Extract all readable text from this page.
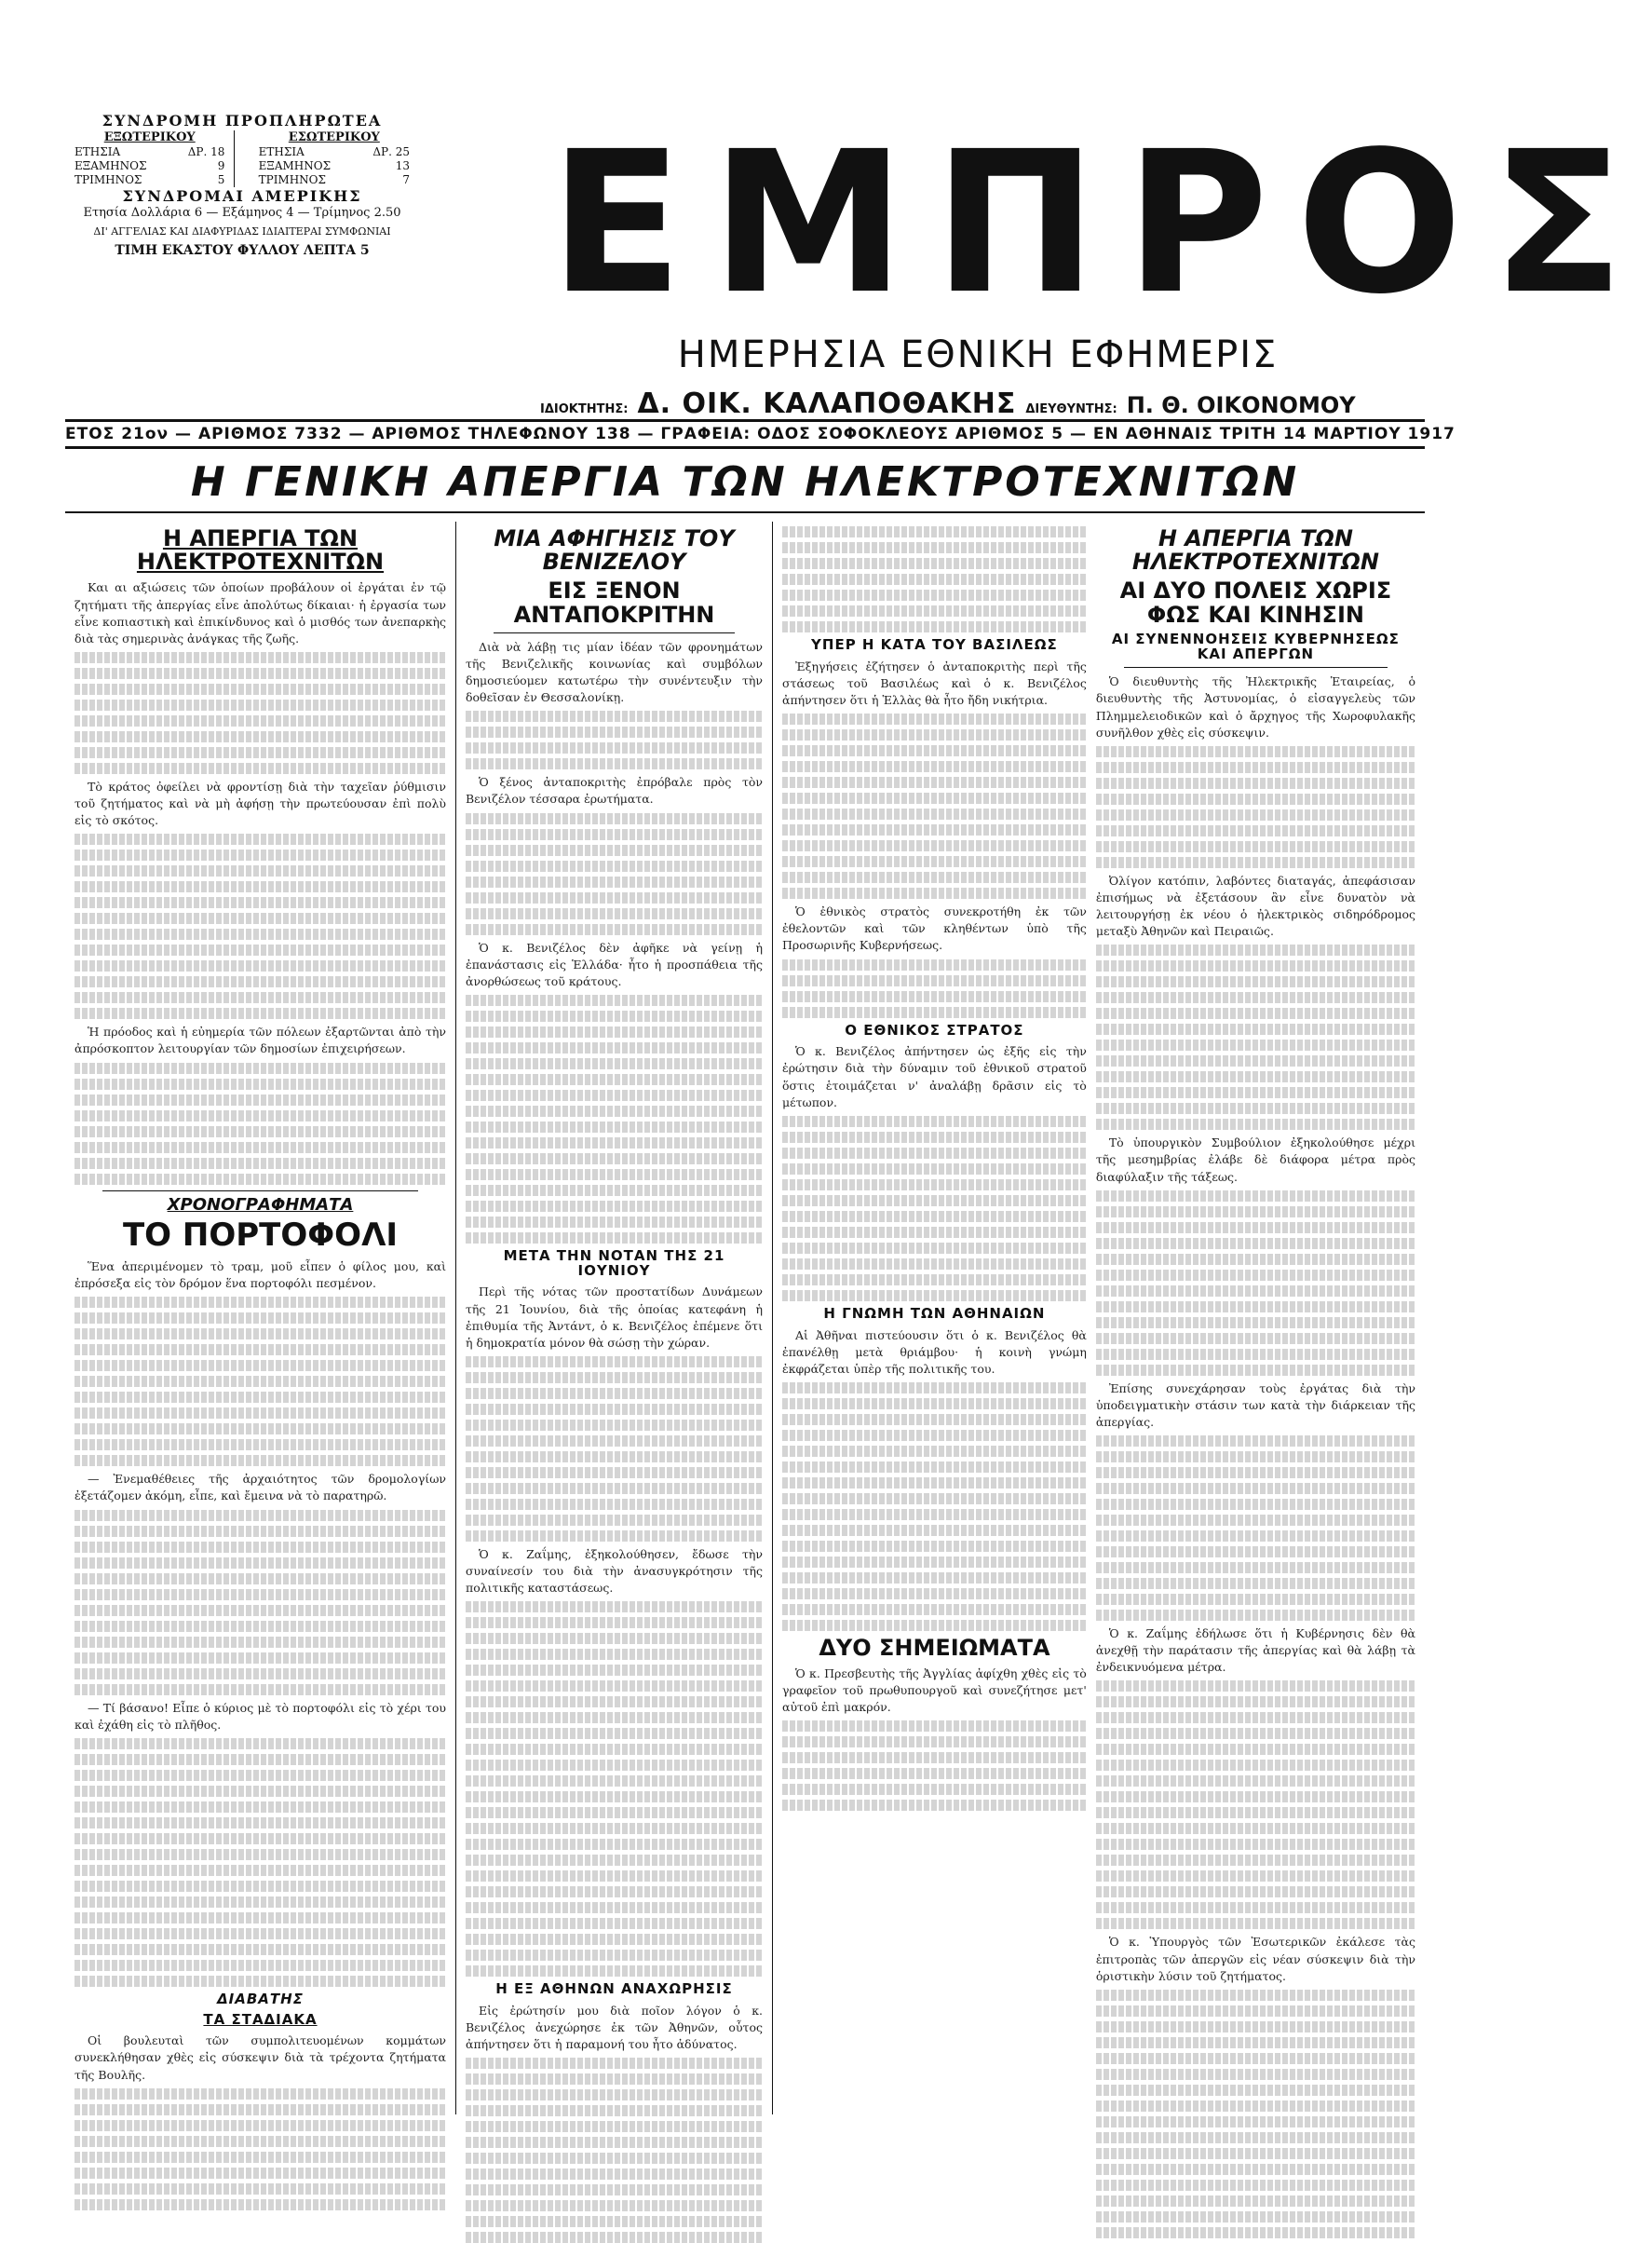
ΣΥΝΔΡΟΜΗ ΠΡΟΠΛΗΡΩΤΕΑ
ΕΞΩΤΕΡΙΚΟΥ
ΕΤΗΣΙΑ	ΔΡ. 18
ΕΞΑΜΗΝΟΣ	9
ΤΡΙΜΗΝΟΣ	5
ΕΣΩΤΕΡΙΚΟΥ
ΕΤΗΣΙΑ	ΔΡ. 25
ΕΞΑΜΗΝΟΣ	13
ΤΡΙΜΗΝΟΣ	7
ΣΥΝΔΡΟΜΑΙ ΑΜΕΡΙΚΗΣ
Ετησία Δολλάρια 6 — Εξάμηνος 4 — Τρίμηνος 2.50
ΔΙ' ΑΓΓΕΛΙΑΣ ΚΑΙ ΔΙΑΦΥΡΙΔΑΣ ΙΔΙΑΙΤΕΡΑΙ ΣΥΜΦΩΝΙΑΙ
ΤΙΜΗ ΕΚΑΣΤΟΥ ΦΥΛΛΟΥ ΛΕΠΤΑ 5 ΕΜΠΡΟΣ
ΗΜΕΡΗΣΙΑ ΕΘΝΙΚΗ ΕΦΗΜΕΡΙΣ
ΙΔΙΟΚΤΗΤΗΣ: Δ. ΟΙΚ. ΚΑΛΑΠΟΘΑΚΗΣ ΔΙΕΥΘΥΝΤΗΣ: Π. Θ. ΟΙΚΟΝΟΜΟΥ
ΕΤΟΣ 21ον — ΑΡΙΘΜΟΣ 7332 — ΑΡΙΘΜΟΣ ΤΗΛΕΦΩΝΟΥ 138 — ΓΡΑΦΕΙΑ: ΟΔΟΣ ΣΟΦΟΚΛΕΟΥΣ ΑΡΙΘΜΟΣ 5 — ΕΝ ΑΘΗΝΑΙΣ ΤΡΙΤΗ 14 ΜΑΡΤΙΟΥ 1917
Η ΓΕΝΙΚΗ ΑΠΕΡΓΙΑ ΤΩΝ ΗΛΕΚΤΡΟΤΕΧΝΙΤΩΝ
Η ΑΠΕΡΓΙΑ ΤΩΝ ΗΛΕΚΤΡΟΤΕΧΝΙΤΩΝ

Και αι αξιώσεις τῶν ὁποίων προβάλουν οἱ ἐργάται ἐν τῷ ζητήματι τῆς ἀπεργίας εἶνε ἀπολύτως δίκαιαι· ἡ ἐργασία των εἶνε κοπιαστικὴ καὶ ἐπικίνδυνος καὶ ὁ μισθός των ἀνεπαρκὴς διὰ τὰς σημερινὰς ἀνάγκας τῆς ζωῆς.

Τὸ κράτος ὀφείλει νὰ φροντίσῃ διὰ τὴν ταχεῖαν ῥύθμισιν τοῦ ζητήματος καὶ νὰ μὴ ἀφήσῃ τὴν πρωτεύουσαν ἐπὶ πολὺ εἰς τὸ σκότος.

Ἡ πρόοδος καὶ ἡ εὐημερία τῶν πόλεων ἐξαρτῶνται ἀπὸ τὴν ἀπρόσκοπτον λειτουργίαν τῶν δημοσίων ἐπιχειρήσεων.

ΧΡΟΝΟΓΡΑΦΗΜΑΤΑ
ΤΟ ΠΟΡΤΟΦΟΛΙ

Ἕνα ἀπεριμένομεν τὸ τραμ, μοῦ εἶπεν ὁ φίλος μου, καὶ ἐπρόσεξα εἰς τὸν δρόμον ἕνα πορτοφόλι πεσμένον.

— Ἐνεμαθέθειες τῆς ἀρχαιότητος τῶν δρομολογίων ἐξετάζομεν ἀκόμη, εἶπε, καὶ ἔμεινα νὰ τὸ παρατηρῶ.

— Τί βάσανο! Εἶπε ὁ κύριος μὲ τὸ πορτοφόλι εἰς τὸ χέρι του καὶ ἐχάθη εἰς τὸ πλῆθος.

ΔΙΑΒΑΤΗΣ
ΤΑ ΣΤΑΔΙΑΚΑ

Οἱ βουλευταὶ τῶν συμπολιτευομένων κομμάτων συνεκλήθησαν χθὲς εἰς σύσκεψιν διὰ τὰ τρέχοντα ζητήματα τῆς Βουλῆς.

ΜΙΑ ΑΦΗΓΗΣΙΣ ΤΟΥ ΒΕΝΙΖΕΛΟΥ
ΕΙΣ ΞΕΝΟΝ ΑΝΤΑΠΟΚΡΙΤΗΝ

Διὰ νὰ λάβῃ τις μίαν ἰδέαν τῶν φρονημάτων τῆς Βενιζελικῆς κοινωνίας καὶ συμβόλων δημοσιεύομεν κατωτέρω τὴν συνέντευξιν τὴν δοθεῖσαν ἐν Θεσσαλονίκῃ.

Ὁ ξένος ἀνταποκριτὴς ἐπρόβαλε πρὸς τὸν Βενιζέλον τέσσαρα ἐρωτήματα.

Ὁ κ. Βενιζέλος δὲν ἀφῆκε νὰ γείνῃ ἡ ἐπανάστασις εἰς Ἑλλάδα· ἦτο ἡ προσπάθεια τῆς ἀνορθώσεως τοῦ κράτους.

ΜΕΤΑ ΤΗΝ ΝΟΤΑΝ ΤΗΣ 21 ΙΟΥΝΙΟΥ

Περὶ τῆς νότας τῶν προστατίδων Δυνάμεων τῆς 21 Ἰουνίου, διὰ τῆς ὁποίας κατεφάνη ἡ ἐπιθυμία τῆς Ἀντάντ, ὁ κ. Βενιζέλος ἐπέμενε ὅτι ἡ δημοκρατία μόνον θὰ σώσῃ τὴν χώραν.

Ὁ κ. Ζαΐμης, ἐξηκολούθησεν, ἔδωσε τὴν συναίνεσίν του διὰ τὴν ἀνασυγκρότησιν τῆς πολιτικῆς καταστάσεως.

Η ΕΞ ΑΘΗΝΩΝ ΑΝΑΧΩΡΗΣΙΣ

Εἰς ἐρώτησίν μου διὰ ποῖον λόγον ὁ κ. Βενιζέλος ἀνεχώρησε ἐκ τῶν Ἀθηνῶν, οὗτος ἀπήντησεν ὅτι ἡ παραμονή του ἦτο ἀδύνατος.

ΥΠΕΡ Η ΚΑΤΑ ΤΟΥ ΒΑΣΙΛΕΩΣ

Ἐξηγήσεις ἐζήτησεν ὁ ἀνταποκριτὴς περὶ τῆς στάσεως τοῦ Βασιλέως καὶ ὁ κ. Βενιζέλος ἀπήντησεν ὅτι ἡ Ἑλλὰς θὰ ἦτο ἤδη νικήτρια.

Ὁ ἐθνικὸς στρατὸς συνεκροτήθη ἐκ τῶν ἐθελοντῶν καὶ τῶν κληθέντων ὑπὸ τῆς Προσωρινῆς Κυβερνήσεως.

Ο ΕΘΝΙΚΟΣ ΣΤΡΑΤΟΣ

Ὁ κ. Βενιζέλος ἀπήντησεν ὡς ἐξῆς εἰς τὴν ἐρώτησιν διὰ τὴν δύναμιν τοῦ ἐθνικοῦ στρατοῦ ὅστις ἑτοιμάζεται ν' ἀναλάβῃ δρᾶσιν εἰς τὸ μέτωπον.

Η ΓΝΩΜΗ ΤΩΝ ΑΘΗΝΑΙΩΝ

Αἱ Ἀθῆναι πιστεύουσιν ὅτι ὁ κ. Βενιζέλος θὰ ἐπανέλθῃ μετὰ θριάμβου· ἡ κοινὴ γνώμη ἐκφράζεται ὑπὲρ τῆς πολιτικῆς του.

ΔΥΟ ΣΗΜΕΙΩΜΑΤΑ

Ὁ κ. Πρεσβευτὴς τῆς Ἀγγλίας ἀφίχθη χθὲς εἰς τὸ γραφεῖον τοῦ πρωθυπουργοῦ καὶ συνεζήτησε μετ' αὐτοῦ ἐπὶ μακρόν.

Η ΑΠΕΡΓΙΑ ΤΩΝ ΗΛΕΚΤΡΟΤΕΧΝΙΤΩΝ
ΑΙ ΔΥΟ ΠΟΛΕΙΣ ΧΩΡΙΣ ΦΩΣ ΚΑΙ ΚΙΝΗΣΙΝ
ΑΙ ΣΥΝΕΝΝΟΗΣΕΙΣ ΚΥΒΕΡΝΗΣΕΩΣ ΚΑΙ ΑΠΕΡΓΩΝ

Ὁ διευθυντὴς τῆς Ἠλεκτρικῆς Ἑταιρείας, ὁ διευθυντὴς τῆς Ἀστυνομίας, ὁ εἰσαγγελεὺς τῶν Πλημμελειοδικῶν καὶ ὁ ἄρχηγος τῆς Χωροφυλακῆς συνῆλθον χθὲς εἰς σύσκεψιν.

Ὀλίγον κατόπιν, λαβόντες διαταγάς, ἀπεφάσισαν ἐπισήμως νὰ ἐξετάσουν ἂν εἶνε δυνατὸν νὰ λειτουργήσῃ ἐκ νέου ὁ ἠλεκτρικὸς σιδηρόδρομος μεταξὺ Ἀθηνῶν καὶ Πειραιῶς.

Τὸ ὑπουργικὸν Συμβούλιον ἐξηκολούθησε μέχρι τῆς μεσημβρίας ἐλάβε δὲ διάφορα μέτρα πρὸς διαφύλαξιν τῆς τάξεως.

Ἐπίσης συνεχάρησαν τοὺς ἐργάτας διὰ τὴν ὑποδειγματικὴν στάσιν των κατὰ τὴν διάρκειαν τῆς ἀπεργίας.

Ὁ κ. Ζαΐμης ἐδήλωσε ὅτι ἡ Κυβέρνησις δὲν θὰ ἀνεχθῇ τὴν παράτασιν τῆς ἀπεργίας καὶ θὰ λάβῃ τὰ ἐνδεικνυόμενα μέτρα.

Ὁ κ. Ὑπουργὸς τῶν Ἐσωτερικῶν ἐκάλεσε τὰς ἐπιτροπὰς τῶν ἀπεργῶν εἰς νέαν σύσκεψιν διὰ τὴν ὁριστικὴν λύσιν τοῦ ζητήματος.
